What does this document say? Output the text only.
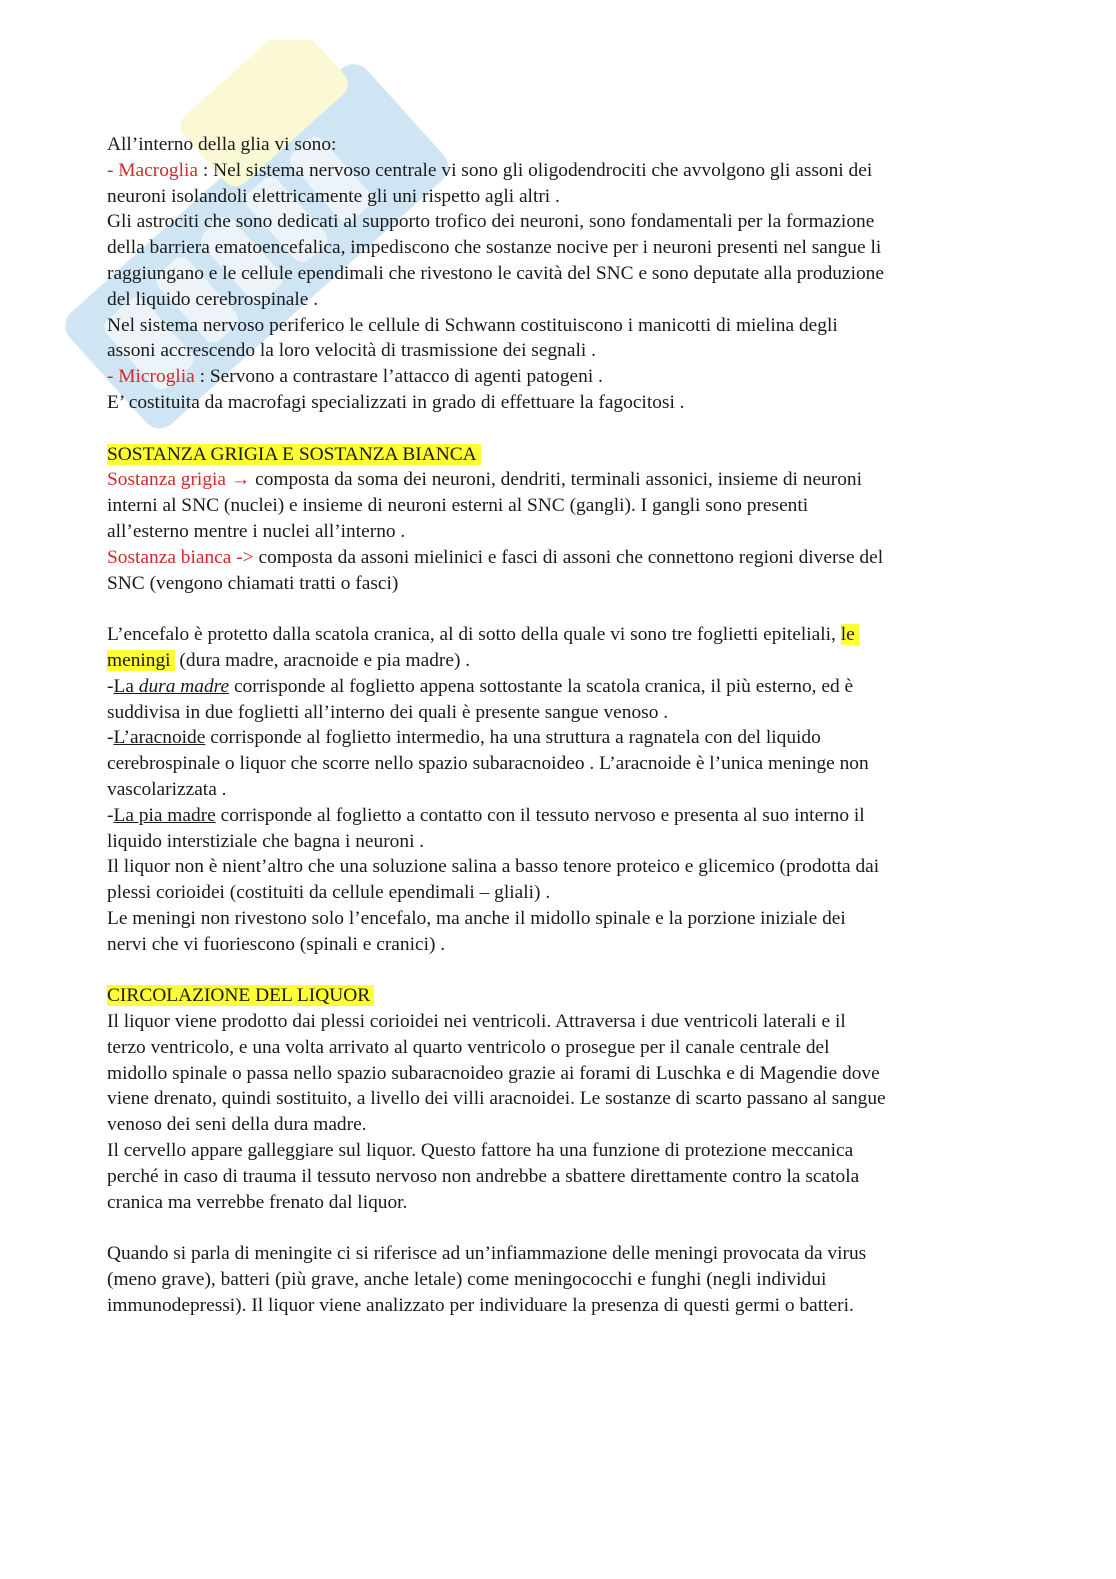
All’interno della glia vi sono:
- Macroglia : Nel sistema nervoso centrale vi sono gli oligodendrociti che avvolgono gli assoni dei
neuroni isolandoli elettricamente gli uni rispetto agli altri .
Gli astrociti che sono dedicati al supporto trofico dei neuroni, sono fondamentali per la formazione
della barriera ematoencefalica, impediscono che sostanze nocive per i neuroni presenti nel sangue li
raggiungano e le cellule ependimali che rivestono le cavità del SNC e sono deputate alla produzione
del liquido cerebrospinale .
Nel sistema nervoso periferico le cellule di Schwann costituiscono i manicotti di mielina degli
assoni accrescendo la loro velocità di trasmissione dei segnali .
- Microglia : Servono a contrastare l’attacco di agenti patogeni .
E’ costituita da macrofagi specializzati in grado di effettuare la fagocitosi .
SOSTANZA GRIGIA E SOSTANZA BIANCA
Sostanza grigia → composta da soma dei neuroni, dendriti, terminali assonici, insieme di neuroni
interni al SNC (nuclei) e insieme di neuroni esterni al SNC (gangli). I gangli sono presenti
all’esterno mentre i nuclei all’interno .
Sostanza bianca -> composta da assoni mielinici e fasci di assoni che connettono regioni diverse del
SNC (vengono chiamati tratti o fasci)
L’encefalo è protetto dalla scatola cranica, al di sotto della quale vi sono tre foglietti epiteliali, le
meningi (dura madre, aracnoide e pia madre) .
-La dura madre corrisponde al foglietto appena sottostante la scatola cranica, il più esterno, ed è
suddivisa in due foglietti all’interno dei quali è presente sangue venoso .
-L’aracnoide corrisponde al foglietto intermedio, ha una struttura a ragnatela con del liquido
cerebrospinale o liquor che scorre nello spazio subaracnoideo . L’aracnoide è l’unica meninge non
vascolarizzata .
-La pia madre corrisponde al foglietto a contatto con il tessuto nervoso e presenta al suo interno il
liquido interstiziale che bagna i neuroni .
Il liquor non è nient’altro che una soluzione salina a basso tenore proteico e glicemico (prodotta dai
plessi corioidei (costituiti da cellule ependimali – gliali) .
Le meningi non rivestono solo l’encefalo, ma anche il midollo spinale e la porzione iniziale dei
nervi che vi fuoriescono (spinali e cranici) .
CIRCOLAZIONE DEL LIQUOR
Il liquor viene prodotto dai plessi corioidei nei ventricoli. Attraversa i due ventricoli laterali e il
terzo ventricolo, e una volta arrivato al quarto ventricolo o prosegue per il canale centrale del
midollo spinale o passa nello spazio subaracnoideo grazie ai forami di Luschka e di Magendie dove
viene drenato, quindi sostituito, a livello dei villi aracnoidei. Le sostanze di scarto passano al sangue
venoso dei seni della dura madre.
Il cervello appare galleggiare sul liquor. Questo fattore ha una funzione di protezione meccanica
perché in caso di trauma il tessuto nervoso non andrebbe a sbattere direttamente contro la scatola
cranica ma verrebbe frenato dal liquor.
Quando si parla di meningite ci si riferisce ad un’infiammazione delle meningi provocata da virus
(meno grave), batteri (più grave, anche letale) come meningococchi e funghi (negli individui
immunodepressi). Il liquor viene analizzato per individuare la presenza di questi germi o batteri.
